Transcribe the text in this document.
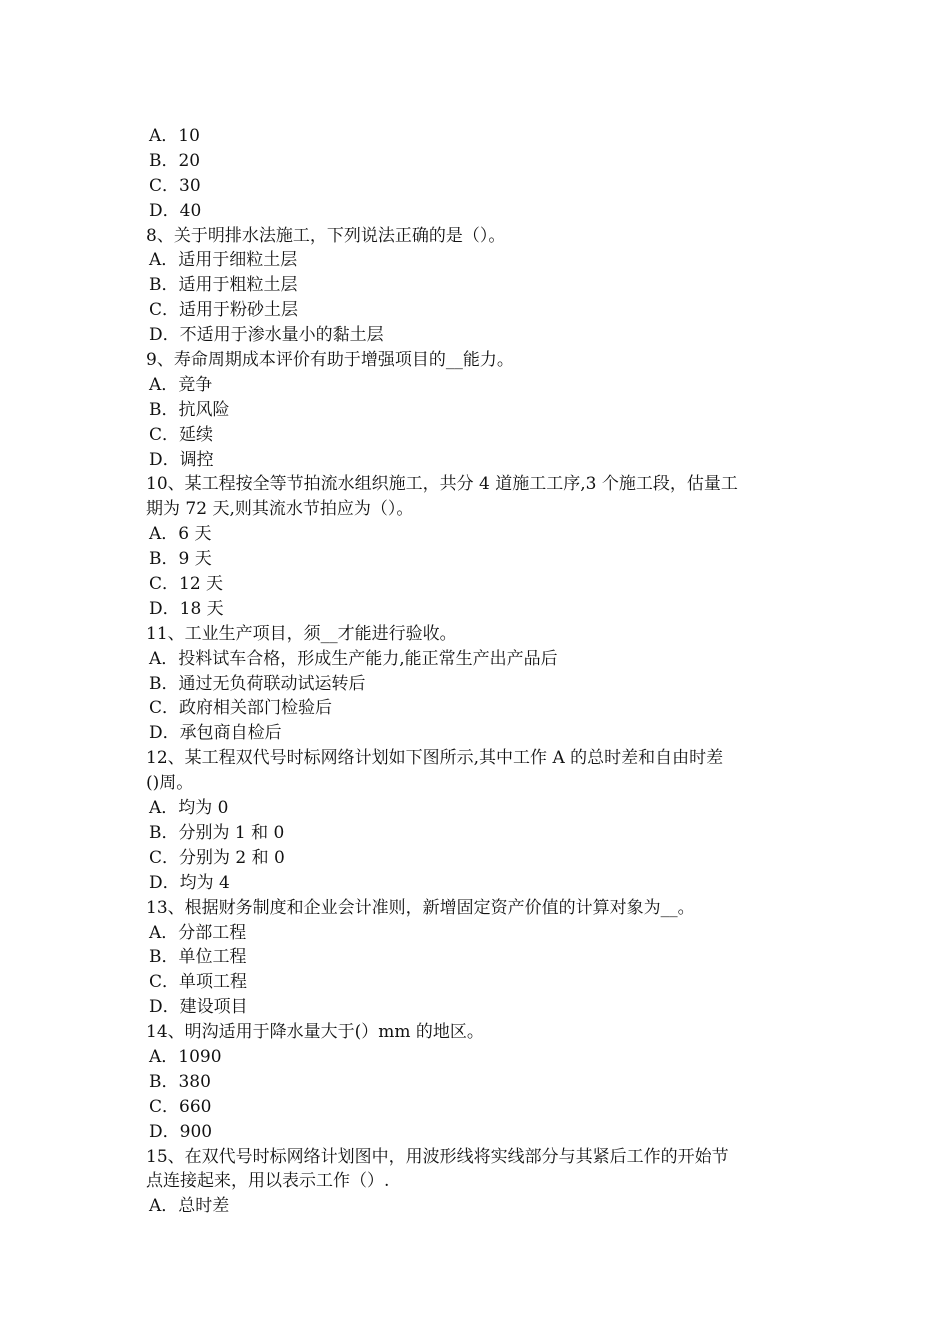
A．10
B．20
C．30
D．40
8、关于明排水法施工，下列说法正确的是（）。
A．适用于细粒土层
B．适用于粗粒土层
C．适用于粉砂土层
D．不适用于渗水量小的黏土层
9、寿命周期成本评价有助于增强项目的__能力。
A．竞争
B．抗风险
C．延续
D．调控
10、某工程按全等节拍流水组织施工，共分 4 道施工工序,3 个施工段，估量工
期为 72 天,则其流水节拍应为（）。
A．6 天
B．9 天
C．12 天
D．18 天
11、工业生产项目，须__才能进行验收。
A．投料试车合格，形成生产能力,能正常生产出产品后
B．通过无负荷联动试运转后
C．政府相关部门检验后
D．承包商自检后
12、某工程双代号时标网络计划如下图所示,其中工作 A 的总时差和自由时差
()周。
A．均为 0
B．分别为 1 和 0
C．分别为 2 和 0
D．均为 4
13、根据财务制度和企业会计准则，新增固定资产价值的计算对象为__。
A．分部工程
B．单位工程
C．单项工程
D．建设项目
14、明沟适用于降水量大于(）mm 的地区。
A．1090
B．380
C．660
D．900
15、在双代号时标网络计划图中，用波形线将实线部分与其紧后工作的开始节
点连接起来，用以表示工作（）.
A．总时差
